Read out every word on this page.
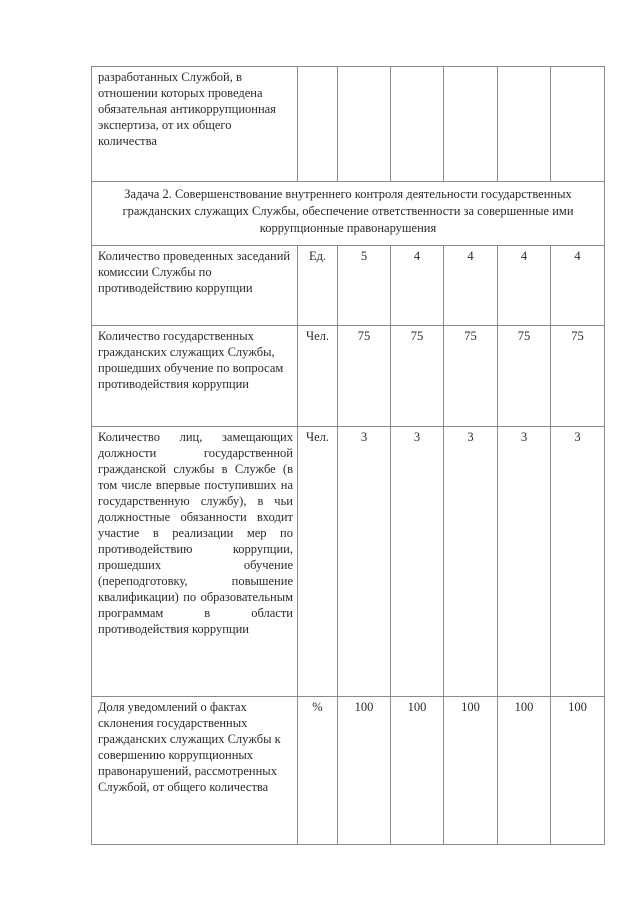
разработанных Службой, в отношении которых проведена обязательная антикоррупционная экспертиза, от их общего количества						
Задача 2. Совершенствование внутреннего контроля деятельности государственных гражданских служащих Службы, обеспечение ответственности за совершенные ими коррупционные правонарушения						
Количество проведенных заседаний комиссии Службы по противодействию коррупции	Ед.	5	4	4	4	4
Количество государственных гражданских служащих Службы, прошедших обучение по вопросам противодействия коррупции	Чел.	75	75	75	75	75
Количество лиц, замещающих должности государственной гражданской службы в Службе (в том числе впервые поступивших на государственную службу), в чьи должностные обязанности входит участие в реализации мер по противодействию коррупции, прошедших обучение (переподготовку, повышение квалификации) по образовательным программам в области противодействия коррупции	Чел.	3	3	3	3	3
Доля уведомлений о фактах склонения государственных гражданских служащих Службы к совершению коррупционных правонарушений, рассмотренных Службой, от общего количества	%	100	100	100	100	100
